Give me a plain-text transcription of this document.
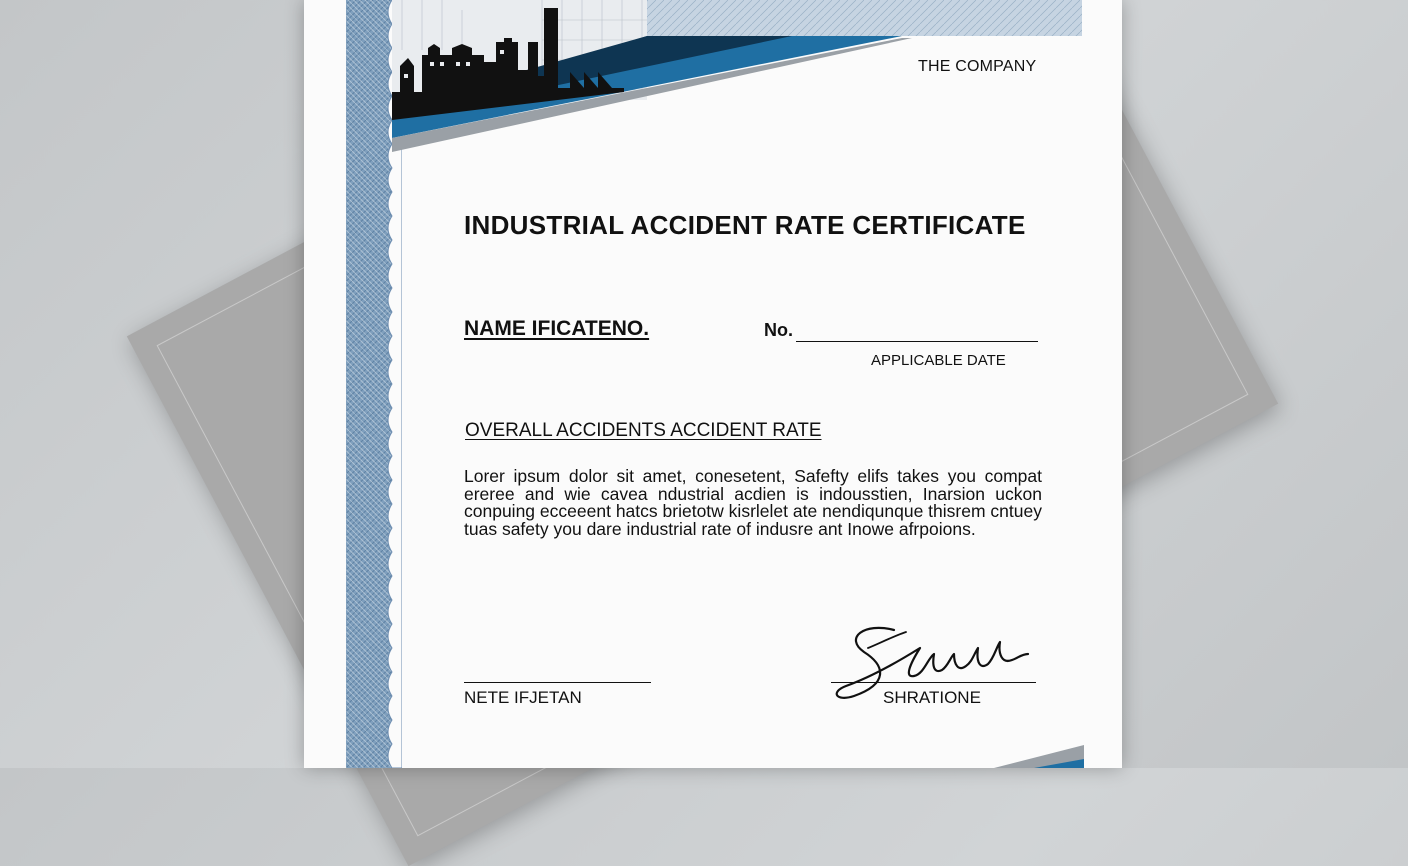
THE COMPANY
INDUSTRIAL ACCIDENT RATE CERTIFICATE
NAME IFICATENO.	No.
APPLICABLE DATE
OVERALL ACCIDENTS ACCIDENT RATE
Lorer ipsum dolor sit amet, conesetent, Safefty elifs takes you compat ereree and wie cavea ndustrial acdien is indousstien, Inarsion uckon conpuing ecceeent hatcs brietotw kisrlelet ate nendiqunque thisrem cntuey tuas safety you dare industrial rate of indusre ant Inowe afrpoions.
NETE IFJETAN	SHRATIONE
